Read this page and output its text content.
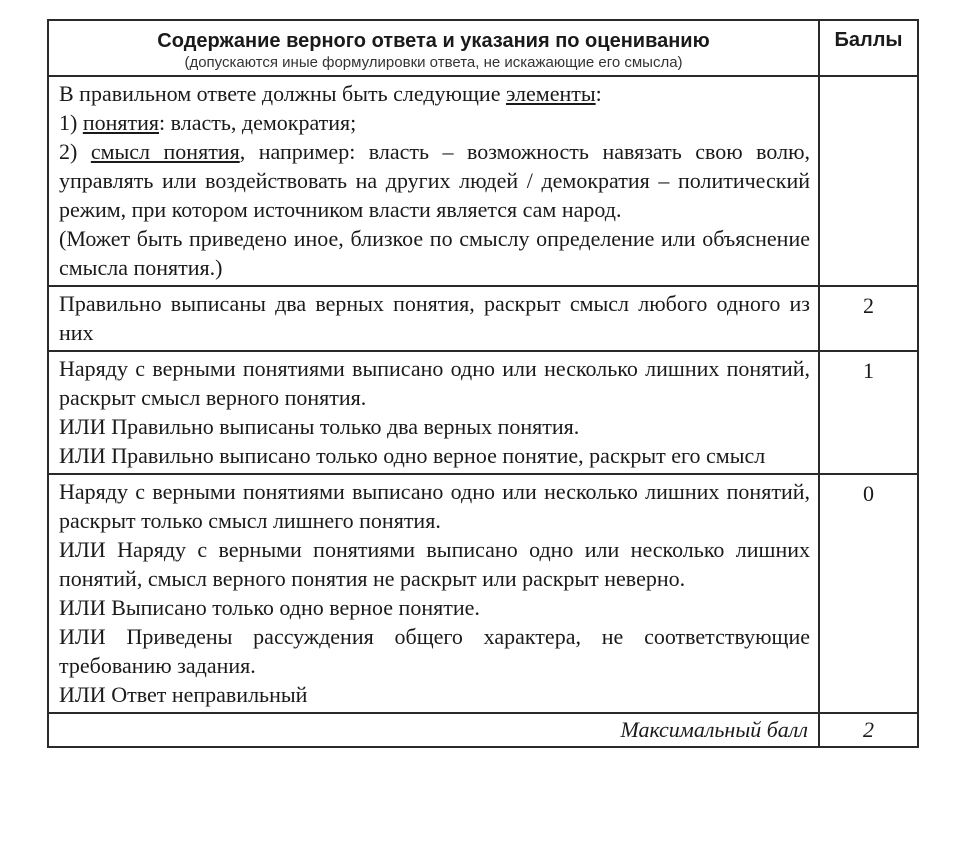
Содержание верного ответа и указания по оцениванию
(допускаются иные формулировки ответа, не искажающие его смысла)	Баллы

В правильном ответе должны быть следующие элементы:

1) понятия: власть, демократия;

2) смысл понятия, например: власть – возможность навязать свою волю, управлять или воздействовать на других людей / демократия – политический режим, при котором источником власти является сам народ.

(Может быть приведено иное, близкое по смыслу определение или объяснение смысла понятия.)	

Правильно выписаны два верных понятия, раскрыт смысл любого одного из них	2

Наряду с верными понятиями выписано одно или несколько лишних понятий, раскрыт смысл верного понятия.

ИЛИ Правильно выписаны только два верных понятия.

ИЛИ Правильно выписано только одно верное понятие, раскрыт его смысл	1

Наряду с верными понятиями выписано одно или несколько лишних понятий, раскрыт только смысл лишнего понятия.

ИЛИ Наряду с верными понятиями выписано одно или несколько лишних понятий, смысл верного понятия не раскрыт или раскрыт неверно.

ИЛИ Выписано только одно верное понятие.

ИЛИ Приведены рассуждения общего характера, не соответствующие требованию задания.

ИЛИ Ответ неправильный	0
Максимальный балл	2
